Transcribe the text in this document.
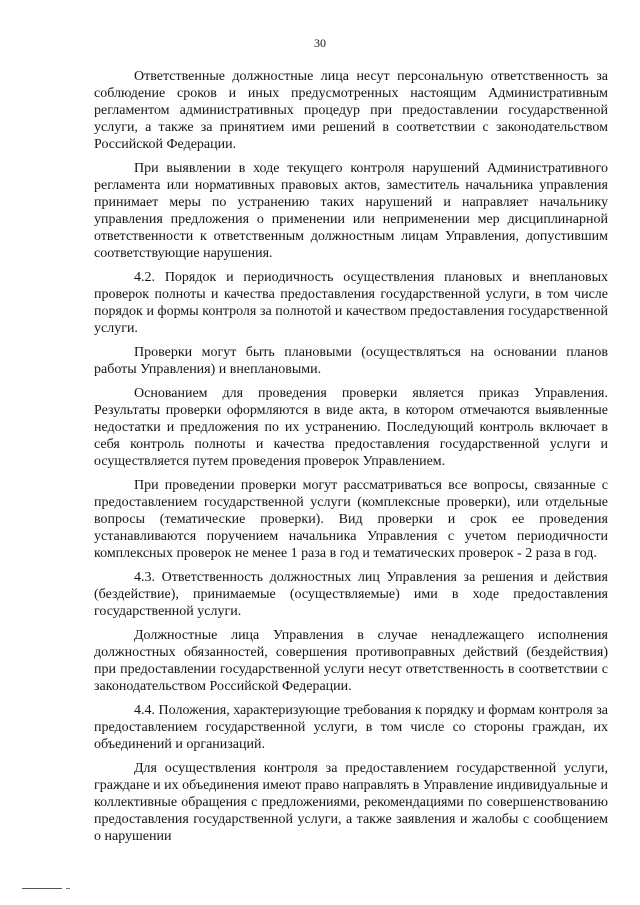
30

Ответственные должностные лица несут персональную ответственность за соблюдение сроков и иных предусмотренных настоящим Административным регламентом административных процедур при предоставлении государственной услуги, а также за принятием ими решений в соответствии с законодательством Российской Федерации.

При выявлении в ходе текущего контроля нарушений Административного регламента или нормативных правовых актов, заместитель начальника управления принимает меры по устранению таких нарушений и направляет начальнику управления предложения о применении или неприменении мер дисциплинарной ответственности к ответственным должностным лицам Управления, допустившим соответствующие нарушения.

4.2. Порядок и периодичность осуществления плановых и внеплановых проверок полноты и качества предоставления государственной услуги, в том числе порядок и формы контроля за полнотой и качеством предоставления государственной услуги.

Проверки могут быть плановыми (осуществляться на основании планов работы Управления) и внеплановыми.

Основанием для проведения проверки является приказ Управления. Результаты проверки оформляются в виде акта, в котором отмечаются выявленные недостатки и предложения по их устранению. Последующий контроль включает в себя контроль полноты и качества предоставления государственной услуги и осуществляется путем проведения проверок Управлением.

При проведении проверки могут рассматриваться все вопросы, связанные с предоставлением государственной услуги (комплексные проверки), или отдельные вопросы (тематические проверки). Вид проверки и срок ее проведения устанавливаются поручением начальника Управления с учетом периодичности комплексных проверок не менее 1 раза в год и тематических проверок - 2 раза в год.

4.3. Ответственность должностных лиц Управления за решения и действия (бездействие), принимаемые (осуществляемые) ими в ходе предоставления государственной услуги.

Должностные лица Управления в случае ненадлежащего исполнения должностных обязанностей, совершения противоправных действий (бездействия) при предоставлении государственной услуги несут ответственность в соответствии с законодательством Российской Федерации.

4.4. Положения, характеризующие требования к порядку и формам контроля за предоставлением государственной услуги, в том числе со стороны граждан, их объединений и организаций.

Для осуществления контроля за предоставлением государственной услуги, граждане и их объединения имеют право направлять в Управление индивидуальные и коллективные обращения с предложениями, рекомендациями по совершенствованию предоставления государственной услуги, а также заявления и жалобы с сообщением о нарушении
